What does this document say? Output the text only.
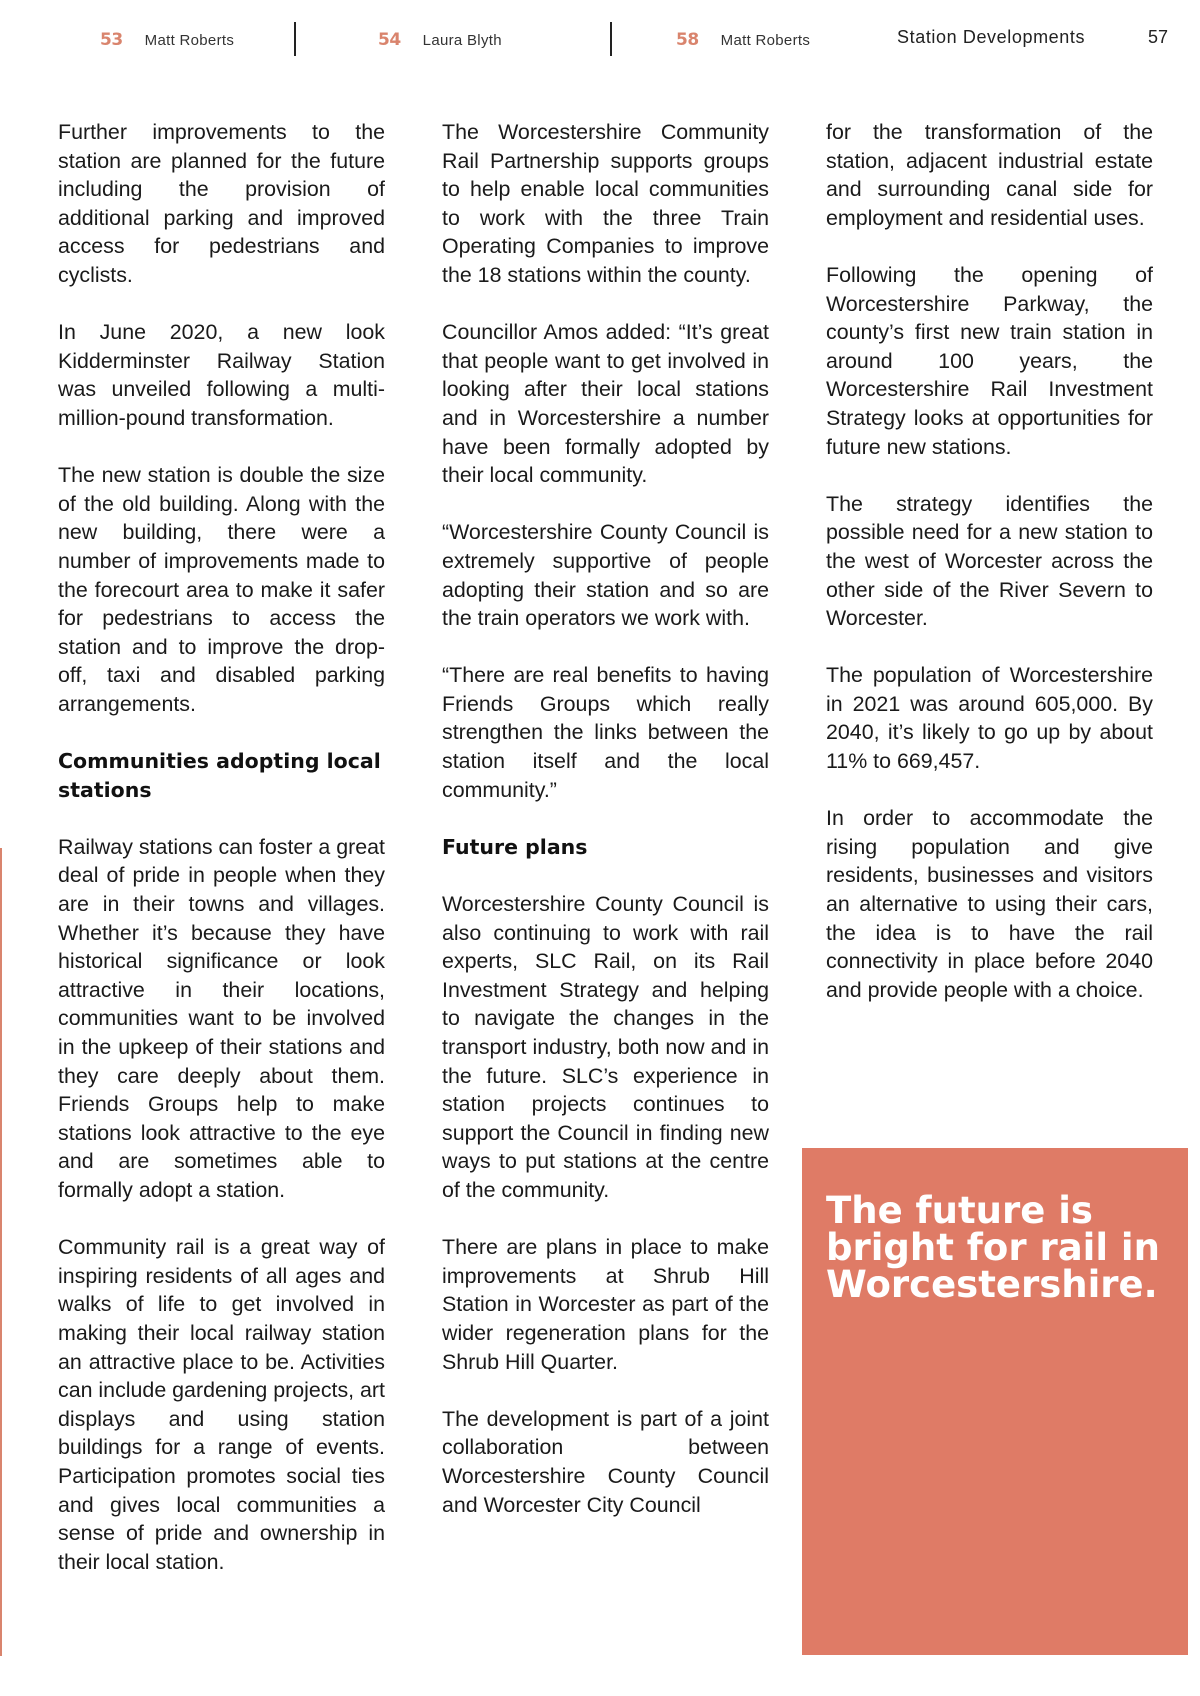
53 Matt Roberts	54 Laura Blyth	58 Matt Roberts	Station Developments	57

Further improvements to the station are planned for the future including the provision of additional parking and improved access for pedestrians and cyclists.

In June 2020, a new look Kidderminster Railway Station was unveiled following a multi-million-pound transformation.

The new station is double the size of the old building. Along with the new building, there were a number of improvements made to the forecourt area to make it safer for pedestrians to access the station and to improve the drop-off, taxi and disabled parking arrangements.

Communities adopting local stations

Railway stations can foster a great deal of pride in people when they are in their towns and villages. Whether it’s because they have historical significance or look attractive in their locations, communities want to be involved in the upkeep of their stations and they care deeply about them. Friends Groups help to make stations look attractive to the eye and are sometimes able to formally adopt a station.

Community rail is a great way of inspiring residents of all ages and walks of life to get involved in making their local railway station an attractive place to be. Activities can include gardening projects, art displays and using station buildings for a range of events. Participation promotes social ties and gives local communities a sense of pride and ownership in their local station.

The Worcestershire Community Rail Partnership supports groups to help enable local communities to work with the three Train Operating Companies to improve the 18 stations within the county.

Councillor Amos added: “It’s great that people want to get involved in looking after their local stations and in Worcestershire a number have been formally adopted by their local community.

“Worcestershire County Council is extremely supportive of people adopting their station and so are the train operators we work with.

“There are real benefits to having Friends Groups which really strengthen the links between the station itself and the local community.”

Future plans

Worcestershire County Council is also continuing to work with rail experts, SLC Rail, on its Rail Investment Strategy and helping to navigate the changes in the transport industry, both now and in the future. SLC’s experience in station projects continues to support the Council in finding new ways to put stations at the centre of the community.

There are plans in place to make improvements at Shrub Hill Station in Worcester as part of the wider regeneration plans for the Shrub Hill Quarter.

The development is part of a joint collaboration between Worcestershire County Council and Worcester City Council

for the transformation of the station, adjacent industrial estate and surrounding canal side for employment and residential uses.

Following the opening of Worcestershire Parkway, the county’s first new train station in around 100 years, the Worcestershire Rail Investment Strategy looks at opportunities for future new stations.

The strategy identifies the possible need for a new station to the west of Worcester across the other side of the River Severn to Worcester.

The population of Worcestershire in 2021 was around 605,000. By 2040, it’s likely to go up by about 11% to 669,457.

In order to accommodate the rising population and give residents, businesses and visitors an alternative to using their cars, the idea is to have the rail connectivity in place before 2040 and provide people with a choice.

The future is bright for rail in Worcestershire.
